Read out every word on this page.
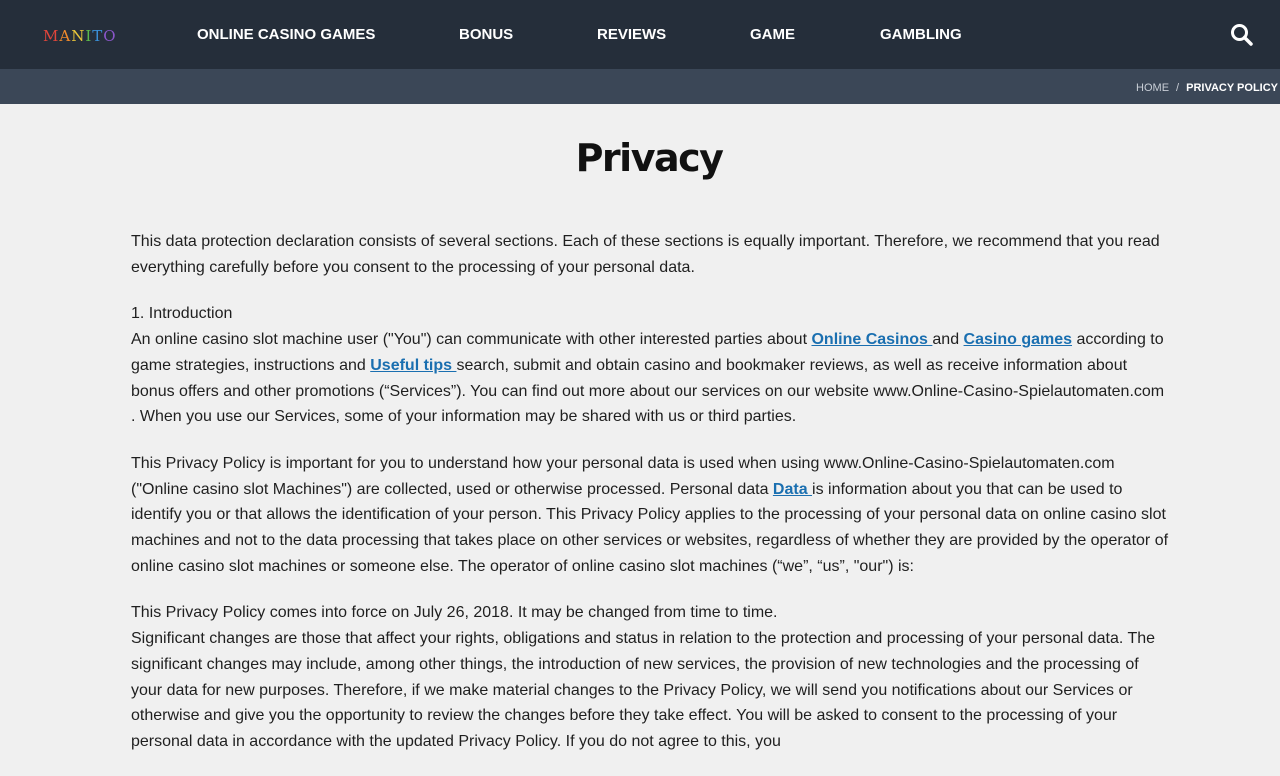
MANITO	ONLINE CASINO GAMES	BONUS	REVIEWS	GAME	GAMBLING
HOME / PRIVACY POLICY
Privacy

This data protection declaration consists of several sections. Each of these sections is equally important. Therefore, we recommend that you read everything carefully before you consent to the processing of your personal data.

1. Introduction
An online casino slot machine user ("You") can communicate with other interested parties about Online Casinos and Casino games according to game strategies, instructions and Useful tips search, submit and obtain casino and bookmaker reviews, as well as receive information about bonus offers and other promotions (“Services”). You can find out more about our services on our website www.Online-Casino-Spielautomaten.com . When you use our Services, some of your information may be shared with us or third parties.

This Privacy Policy is important for you to understand how your personal data is used when using www.Online-Casino-Spielautomaten.com ("Online casino slot Machines") are collected, used or otherwise processed. Personal data Data is information about you that can be used to identify you or that allows the identification of your person. This Privacy Policy applies to the processing of your personal data on online casino slot machines and not to the data processing that takes place on other services or websites, regardless of whether they are provided by the operator of online casino slot machines or someone else. The operator of online casino slot machines (“we”, “us”, "our") is:

This Privacy Policy comes into force on July 26, 2018. It may be changed from time to time.
Significant changes are those that affect your rights, obligations and status in relation to the protection and processing of your personal data. The significant changes may include, among other things, the introduction of new services, the provision of new technologies and the processing of your data for new purposes. Therefore, if we make material changes to the Privacy Policy, we will send you notifications about our Services or otherwise and give you the opportunity to review the changes before they take effect. You will be asked to consent to the processing of your personal data in accordance with the updated Privacy Policy. If you do not agree to this, you
